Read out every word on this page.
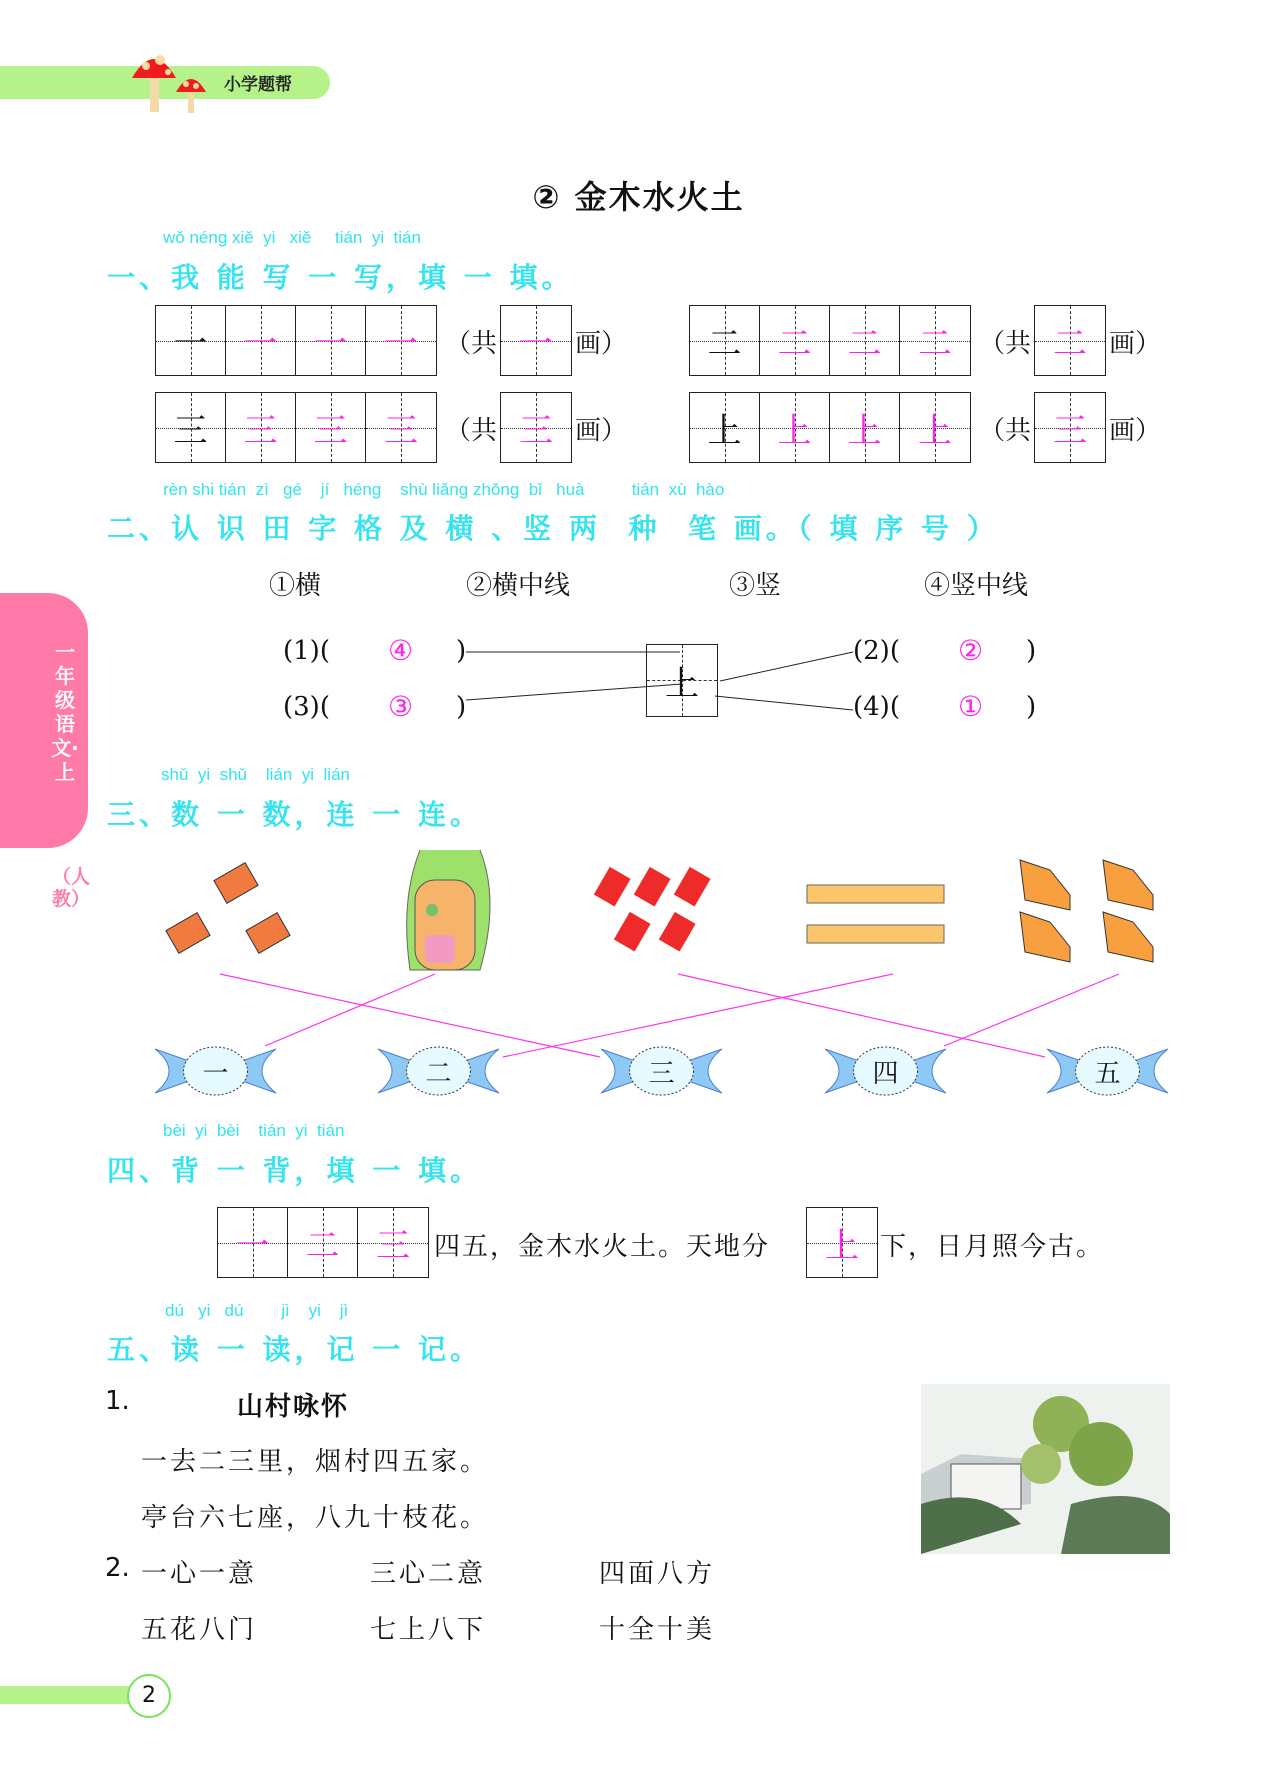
小学题帮
一年级语文·上
（人教）
② 金木水火土
wǒ néng xiě  yi   xiě     tián  yi  tián
一、我 能 写 一 写，填 一 填。
rèn shi tián  zì   gé    jí   héng    shù liǎng zhǒng  bǐ   huà          tián  xù  hào
二、认 识 田 字 格 及 横 、竖 两  种  笔 画。（ 填 序 号 ）
①横	②横中线	③竖	④竖中线
上
(1)( ④ )
(3)( ③ )
(2)( ② )
(4)( ① )
shǔ  yi  shǔ    lián  yi  lián
三、数 一 数，连 一 连。
bèi  yi  bèi    tián  yi  tián
四、背 一 背，填 一 填。
四五，金木水火土。天地分	下，日月照今古。
dú   yi   dú        jì    yi    jì
五、读 一 读，记 一 记。
1.	山村咏怀
一去二三里，烟村四五家。
亭台六七座，八九十枝花。
2. 一心一意	三心二意	四面八方
五花八门	七上八下	十全十美
2
一	一	一	一	（共 一 画）	二	二	二	二	（共 二 画）
三	三	三	三	（共 三 画）	上	上	上	上	（共 三 画）
一	二	三	四	五
一	二	三	上
